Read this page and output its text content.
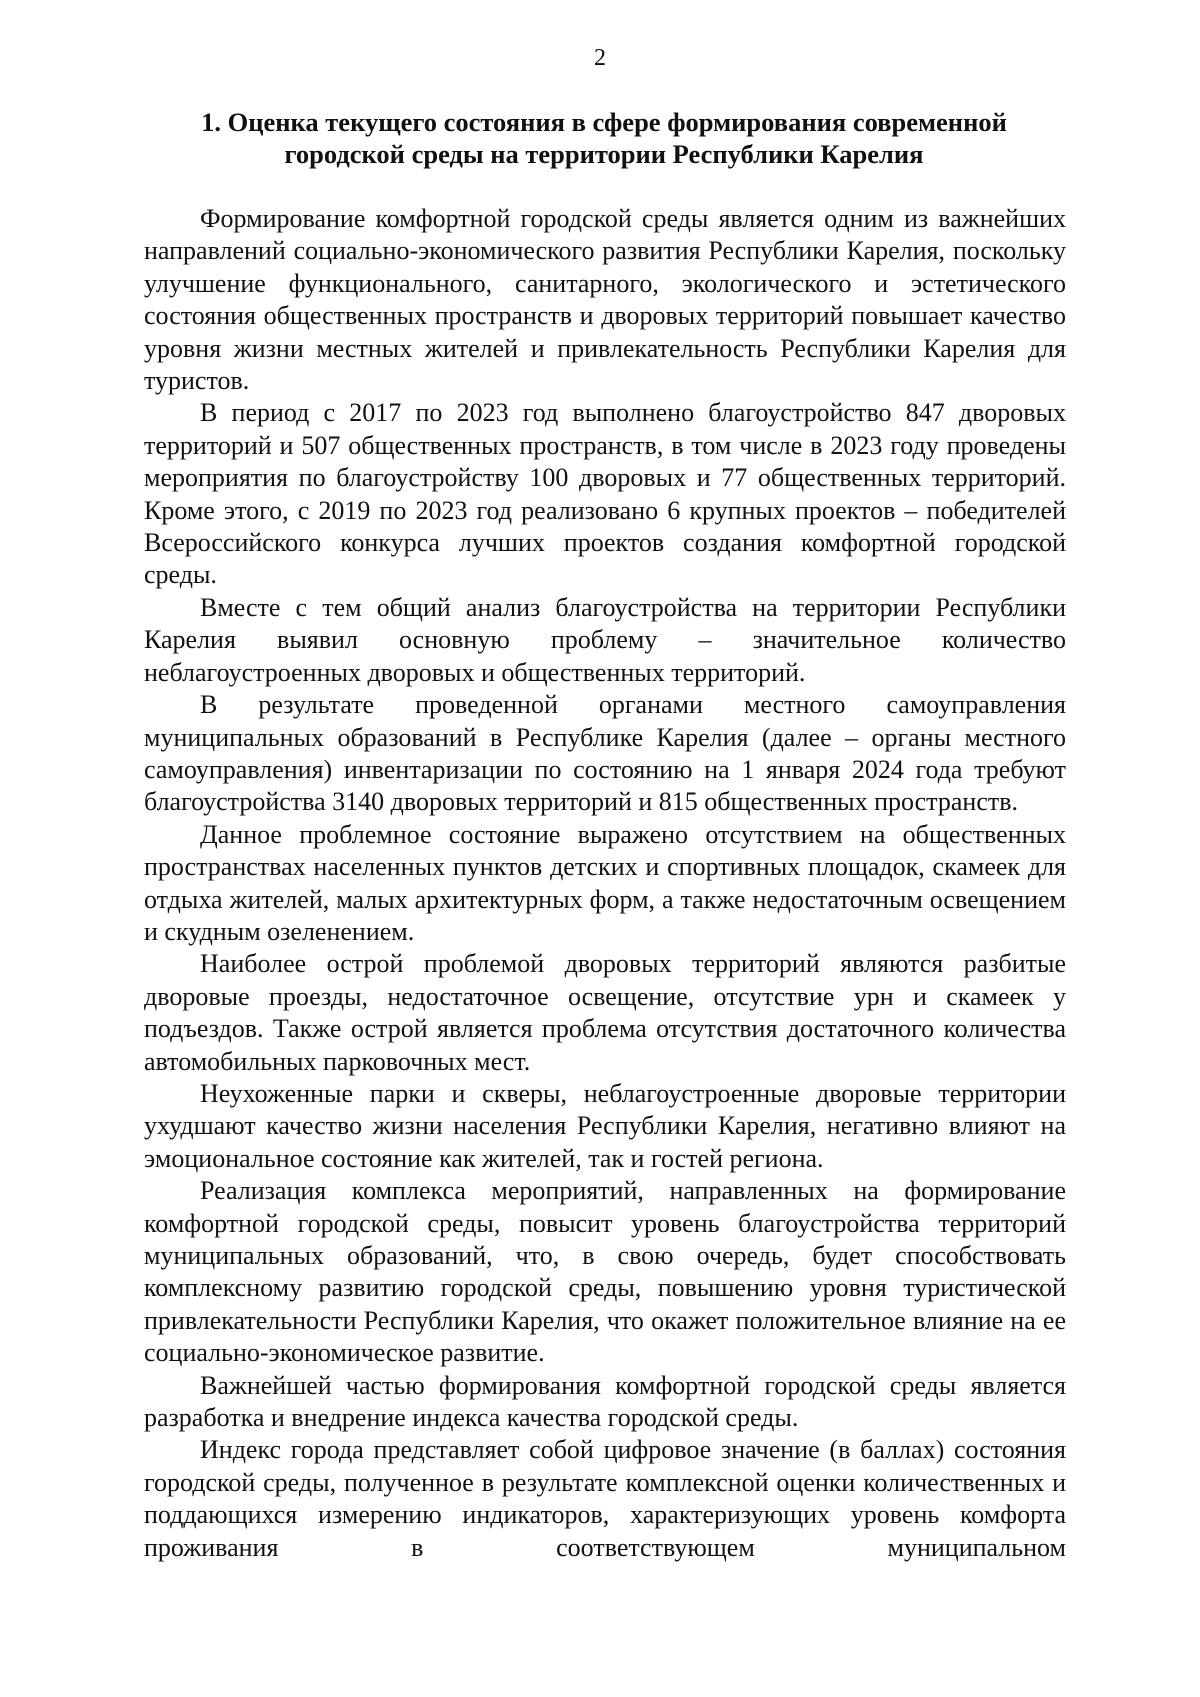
2
1. Оценка текущего состояния в сфере формирования современной городской среды на территории Республики Карелия

Формирование комфортной городской среды является одним из важнейших направлений социально-экономического развития Республики Карелия, поскольку улучшение функционального, санитарного, экологического и эстетического состояния общественных пространств и дворовых территорий повышает качество уровня жизни местных жителей и привлекательность Республики Карелия для туристов.

В период с 2017 по 2023 год выполнено благоустройство 847 дворовых территорий и 507 общественных пространств, в том числе в 2023 году проведены мероприятия по благоустройству 100 дворовых и 77 общественных территорий. Кроме этого, с 2019 по 2023 год реализовано 6 крупных проектов – победителей Всероссийского конкурса лучших проектов создания комфортной городской среды.

Вместе с тем общий анализ благоустройства на территории Республики Карелия выявил основную проблему – значительное количество неблагоустроенных дворовых и общественных территорий.

В результате проведенной органами местного самоуправления муниципальных образований в Республике Карелия (далее – органы местного самоуправления) инвентаризации по состоянию на 1 января 2024 года требуют благоустройства 3140 дворовых территорий и 815 общественных пространств.

Данное проблемное состояние выражено отсутствием на общественных пространствах населенных пунктов детских и спортивных площадок, скамеек для отдыха жителей, малых архитектурных форм, а также недостаточным освещением и скудным озеленением.

Наиболее острой проблемой дворовых территорий являются разбитые дворовые проезды, недостаточное освещение, отсутствие урн и скамеек у подъездов. Также острой является проблема отсутствия достаточного количества автомобильных парковочных мест.

Неухоженные парки и скверы, неблагоустроенные дворовые территории ухудшают качество жизни населения Республики Карелия, негативно влияют на эмоциональное состояние как жителей, так и гостей региона.

Реализация комплекса мероприятий, направленных на формирование комфортной городской среды, повысит уровень благоустройства территорий муниципальных образований, что, в свою очередь, будет способствовать комплексному развитию городской среды, повышению уровня туристической привлекательности Республики Карелия, что окажет положительное влияние на ее социально-экономическое развитие.

Важнейшей частью формирования комфортной городской среды является разработка и внедрение индекса качества городской среды.

Индекс города представляет собой цифровое значение (в баллах) состояния городской среды, полученное в результате комплексной оценки количественных и поддающихся измерению индикаторов, характеризующих уровень комфорта проживания в соответствующем муниципальном
